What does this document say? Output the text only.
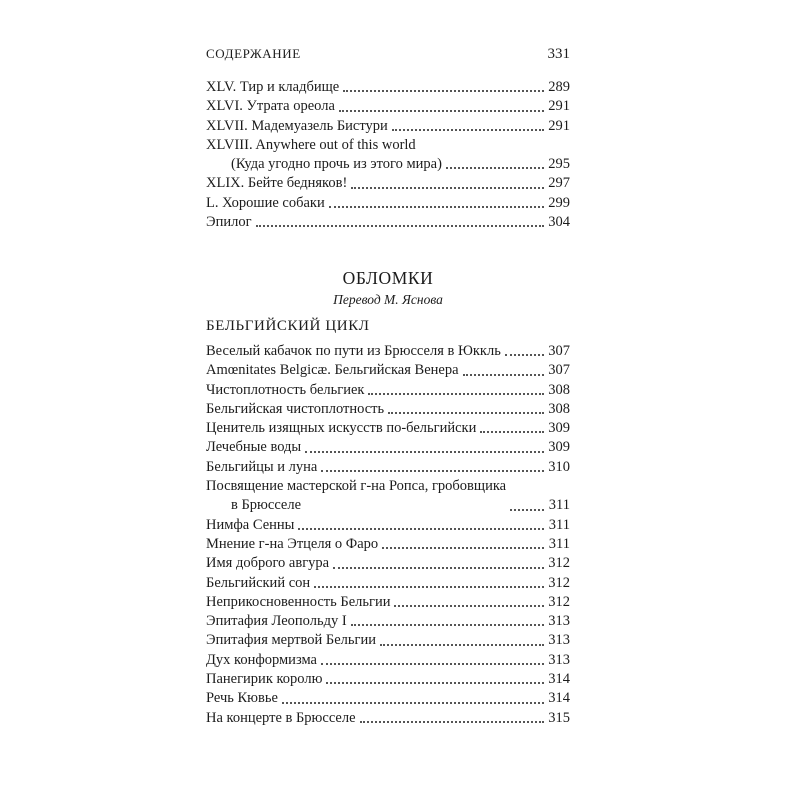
СОДЕРЖАНИЕ	331
XLV. Тир и кладбище	289
XLVI. Утрата ореола	291
XLVII. Мадемуазель Бистури	291
XLVIII. Anywhere out of this world
(Куда угодно прочь из этого мира)	295
XLIX. Бейте бедняков!	297
L. Хорошие собаки	299
Эпилог	304
ОБЛОМКИ
Перевод М. Яснова
БЕЛЬГИЙСКИЙ ЦИКЛ
Веселый кабачок по пути из Брюсселя в Юккль	307
Amœnitates Belgicæ. Бельгийская Венера	307
Чистоплотность бельгиек	308
Бельгийская чистоплотность	308
Ценитель изящных искусств по-бельгийски	309
Лечебные воды	309
Бельгийцы и луна	310
Посвящение мастерской г-на Ропса, гробовщика
в Брюсселе	311
Нимфа Сенны	311
Мнение г-на Этцеля о Фаро	311
Имя доброго авгура	312
Бельгийский сон	312
Неприкосновенность Бельгии	312
Эпитафия Леопольду I	313
Эпитафия мертвой Бельгии	313
Дух конформизма	313
Панегирик королю	314
Речь Кювье	314
На концерте в Брюсселе	315
